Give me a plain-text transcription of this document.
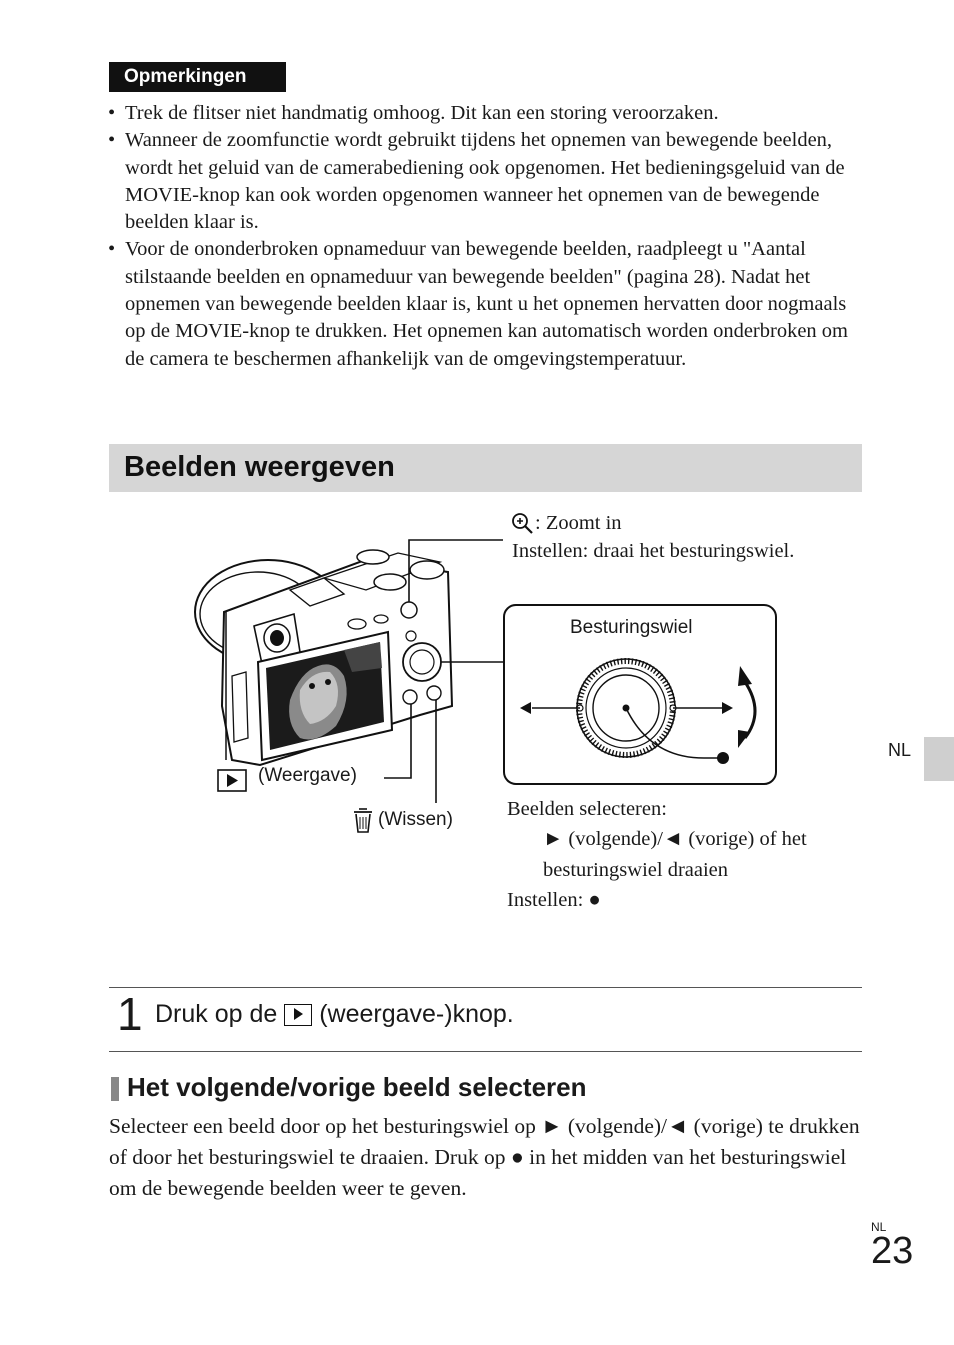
Opmerkingen
• Trek de flitser niet handmatig omhoog. Dit kan een storing veroorzaken.
• Wanneer de zoomfunctie wordt gebruikt tijdens het opnemen van bewegende beelden, wordt het geluid van de camerabediening ook opgenomen. Het bedieningsgeluid van de MOVIE-knop kan ook worden opgenomen wanneer het opnemen van de bewegende beelden klaar is.
• Voor de ononderbroken opnameduur van bewegende beelden, raadpleegt u "Aantal stilstaande beelden en opnameduur van bewegende beelden" (pagina 28). Nadat het opnemen van bewegende beelden klaar is, kunt u het opnemen hervatten door nogmaals op de MOVIE-knop te drukken. Het opnemen kan automatisch worden onderbroken om de camera te beschermen afhankelijk van de omgevingstemperatuur.
Beelden weergeven
: Zoomt in
Instellen: draai het besturingswiel.
Besturingswiel
(Weergave)
(Wissen)	Beelden selecteren:
► (volgende)/◄ (vorige) of het
besturingswiel draaien
Instellen: ●
1 Druk op de (weergave-)knop.
Het volgende/vorige beeld selecteren

Selecteer een beeld door op het besturingswiel op ► (volgende)/◄ (vorige) te drukken of door het besturingswiel te draaien. Druk op ● in het midden van het besturingswiel om de bewegende beelden weer te geven.

NL
NL
23
